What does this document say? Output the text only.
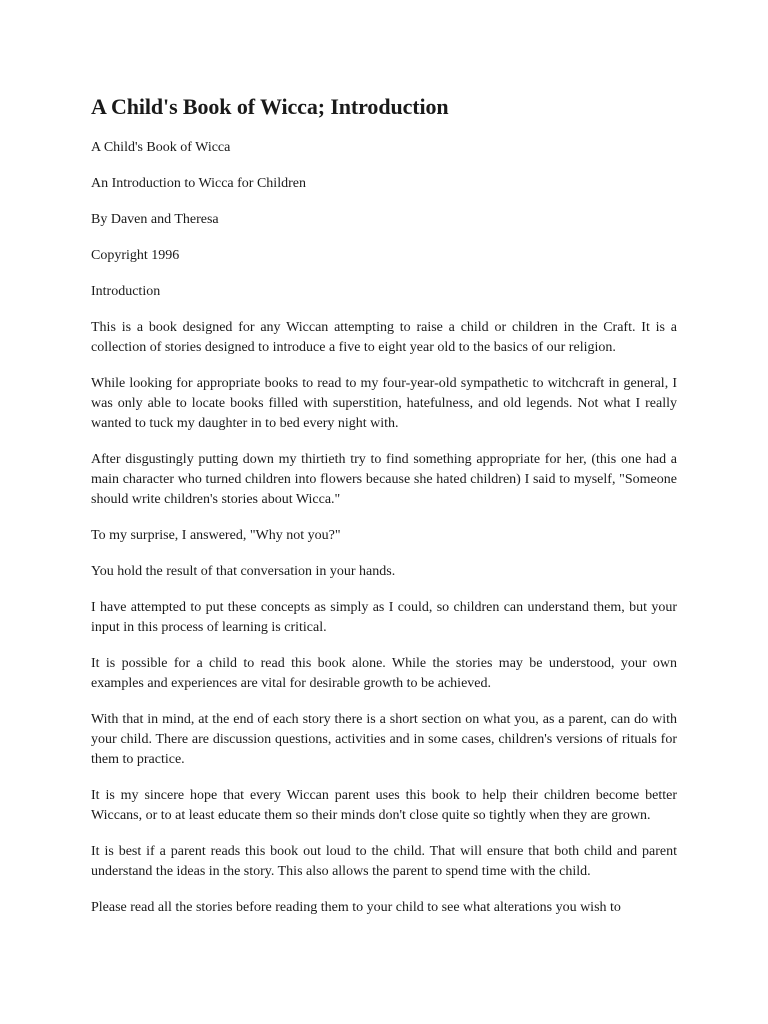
A Child's Book of Wicca; Introduction

A Child's Book of Wicca

An Introduction to Wicca for Children

By Daven and Theresa

Copyright 1996

Introduction

This is a book designed for any Wiccan attempting to raise a child or children in the Craft. It is a collection of stories designed to introduce a five to eight year old to the basics of our religion.

While looking for appropriate books to read to my four-year-old sympathetic to witchcraft in general, I was only able to locate books filled with superstition, hatefulness, and old legends. Not what I really wanted to tuck my daughter in to bed every night with.

After disgustingly putting down my thirtieth try to find something appropriate for her, (this one had a main character who turned children into flowers because she hated children) I said to myself, "Someone should write children's stories about Wicca."

To my surprise, I answered, "Why not you?"

You hold the result of that conversation in your hands.

I have attempted to put these concepts as simply as I could, so children can understand them, but your input in this process of learning is critical.

It is possible for a child to read this book alone. While the stories may be understood, your own examples and experiences are vital for desirable growth to be achieved.

With that in mind, at the end of each story there is a short section on what you, as a parent, can do with your child. There are discussion questions, activities and in some cases, children's versions of rituals for them to practice.

It is my sincere hope that every Wiccan parent uses this book to help their children become better Wiccans, or to at least educate them so their minds don't close quite so tightly when they are grown.

It is best if a parent reads this book out loud to the child. That will ensure that both child and parent understand the ideas in the story. This also allows the parent to spend time with the child.

Please read all the stories before reading them to your child to see what alterations you wish to
